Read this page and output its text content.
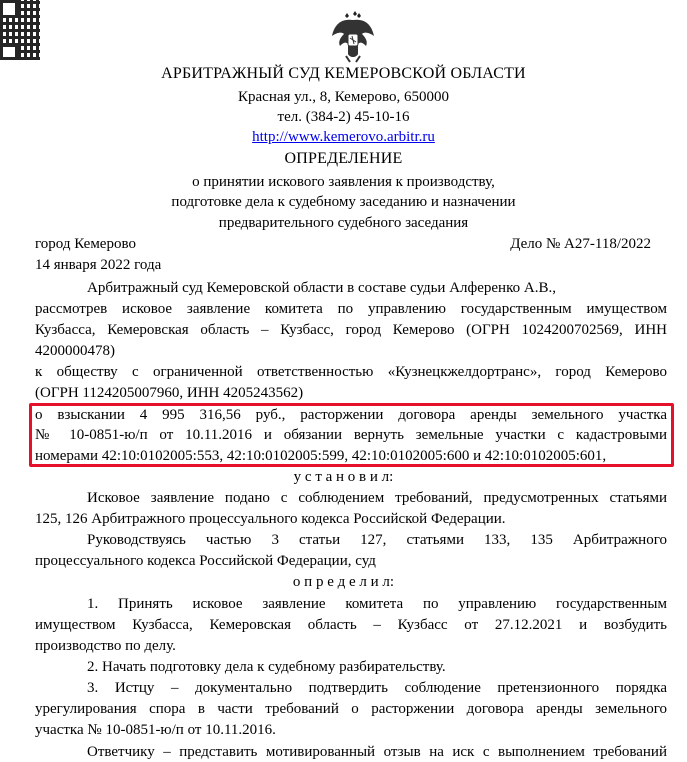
АРБИТРАЖНЫЙ СУД КЕМЕРОВСКОЙ ОБЛАСТИ
Красная ул., 8, Кемерово, 650000
тел. (384-2) 45-10-16
http://www.kemerovo.arbitr.ru
ОПРЕДЕЛЕНИЕ
о принятии искового заявления к производству,
подготовке дела к судебному заседанию и назначении
предварительного судебного заседания
город Кемерово	Дело № А27-118/2022
14 января 2022 года
Арбитражный суд Кемеровской области в составе судьи Алференко А.В.,
рассмотрев исковое заявление комитета по управлению государственным имуществом
Кузбасса, Кемеровская область – Кузбасс, город Кемерово (ОГРН 1024200702569, ИНН
4200000478)
к обществу с ограниченной ответственностью «Кузнецкжелдортранс», город Кемерово
(ОГРН 1124205007960, ИНН 4205243562)
о взыскании 4 995 316,56 руб., расторжении договора аренды земельного участка
№ 10-0851-ю/п от 10.11.2016 и обязании вернуть земельные участки с кадастровыми
номерами 42:10:0102005:553, 42:10:0102005:599, 42:10:0102005:600 и 42:10:0102005:601,
у с т а н о в и л:
Исковое заявление подано с соблюдением требований, предусмотренных статьями
125, 126 Арбитражного процессуального кодекса Российской Федерации.
Руководствуясь частью 3 статьи 127, статьями 133, 135 Арбитражного
процессуального кодекса Российской Федерации, суд
о п р е д е л и л:
1. Принять исковое заявление комитета по управлению государственным
имуществом Кузбасса, Кемеровская область – Кузбасс от 27.12.2021 и возбудить
производство по делу.
2. Начать подготовку дела к судебному разбирательству.
3. Истцу – документально подтвердить соблюдение претензионного порядка
урегулирования спора в части требований о расторжении договора аренды земельного
участка № 10-0851-ю/п от 10.11.2016.
Ответчику – представить мотивированный отзыв на иск с выполнением требований
